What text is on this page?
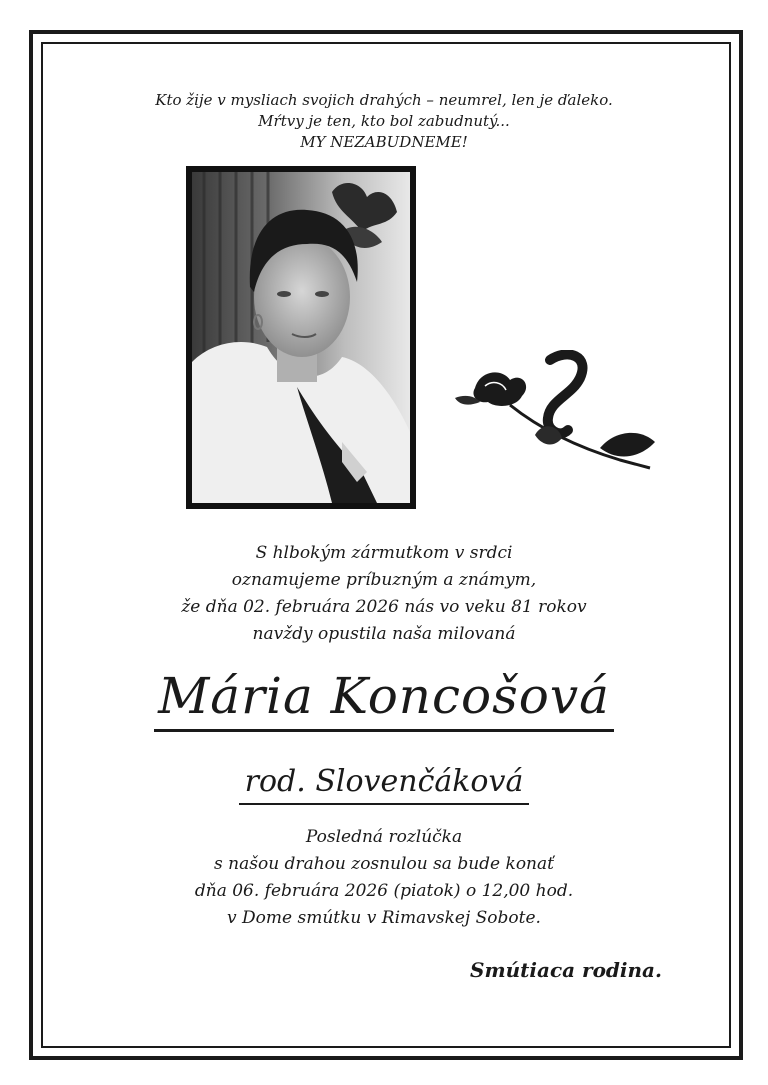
Kto žije v mysliach svojich drahých – neumrel, len je ďaleko.
Mŕtvy je ten, kto bol zabudnutý...
MY NEZABUDNEME!
S hlbokým zármutkom v srdci
oznamujeme príbuzným a známym,
že dňa 02. februára 2026 nás vo veku 81 rokov
navždy opustila naša milovaná
Mária Koncošová
rod. Slovenčáková
Posledná rozlúčka
s našou drahou zosnulou sa bude konať
dňa 06. februára 2026 (piatok) o 12,00 hod.
v Dome smútku v Rimavskej Sobote.
Smútiaca rodina.
